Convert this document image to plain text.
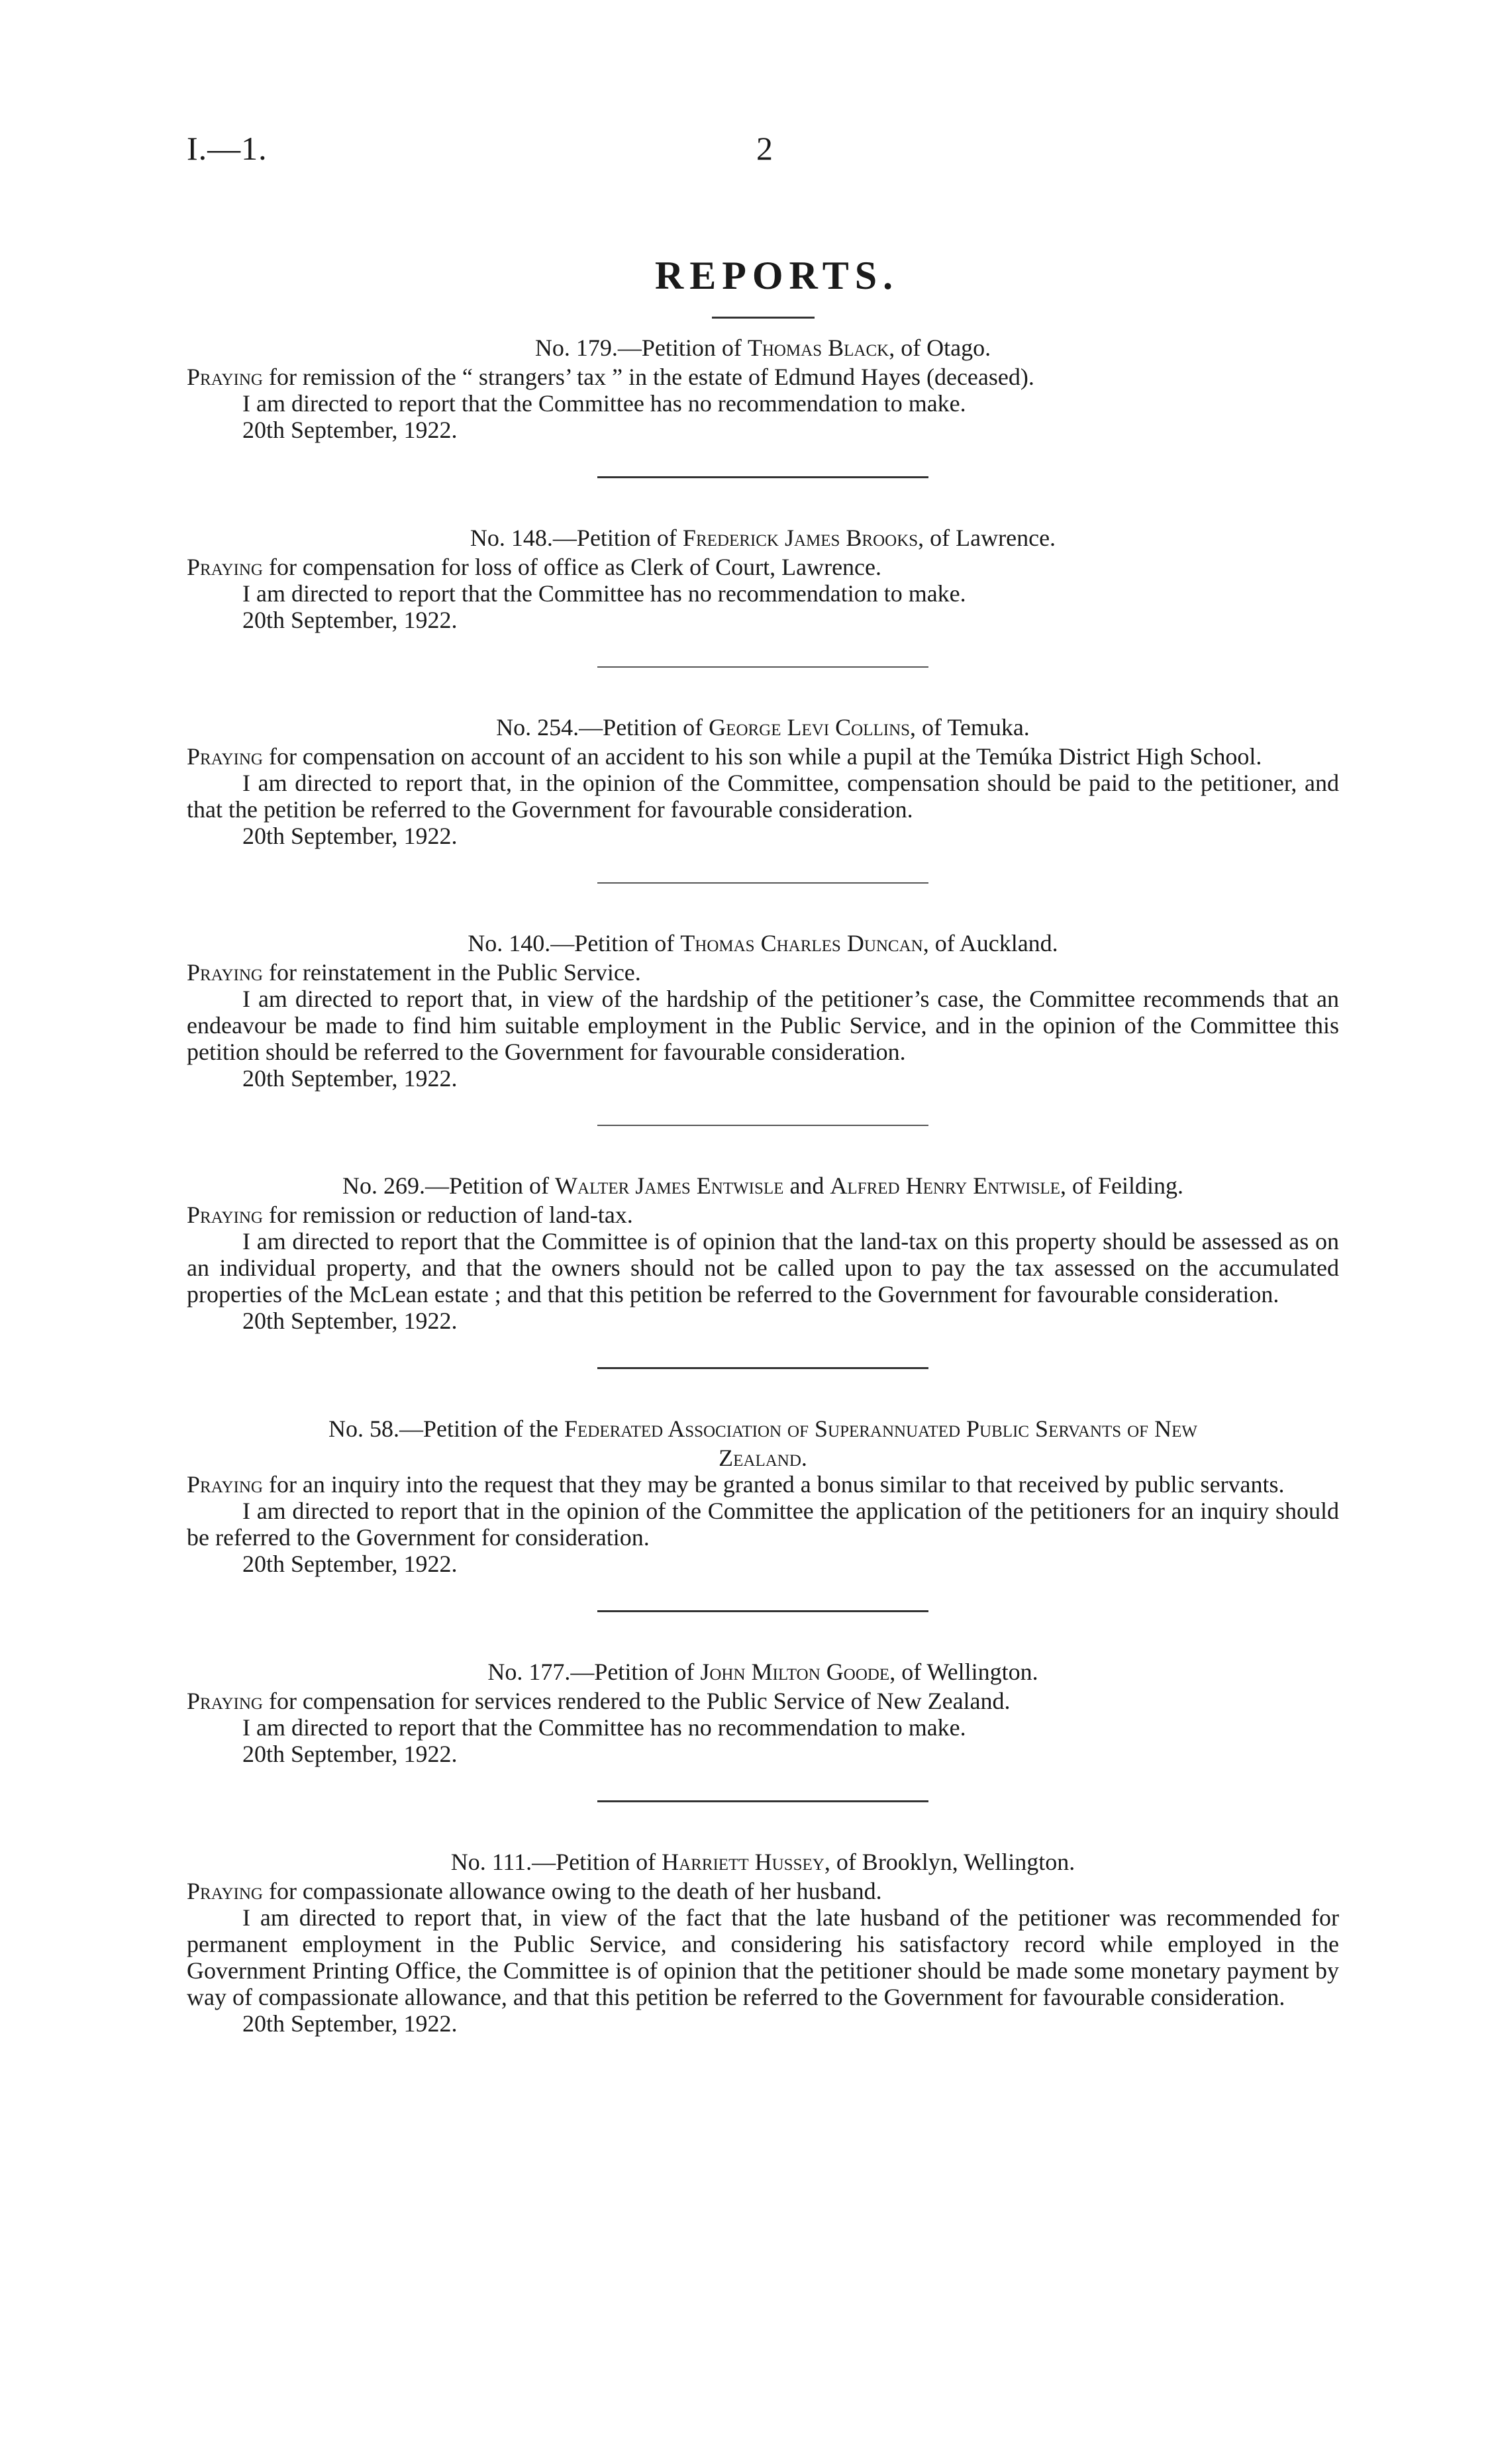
I.—1.	2
REPORTS.
No. 179.—Petition of Thomas Black, of Otago.
Praying for remission of the “ strangers’ tax ” in the estate of Edmund Hayes (deceased).
I am directed to report that the Committee has no recommendation to make.
20th September, 1922.
No. 148.—Petition of Frederick James Brooks, of Lawrence.
Praying for compensation for loss of office as Clerk of Court, Lawrence.
I am directed to report that the Committee has no recommendation to make.
20th September, 1922.
No. 254.—Petition of George Levi Collins, of Temuka.
Praying for compensation on account of an accident to his son while a pupil at the Temúka District High School.
I am directed to report that, in the opinion of the Committee, compensation should be paid to the petitioner, and that the petition be referred to the Government for favourable consideration.
20th September, 1922.
No. 140.—Petition of Thomas Charles Duncan, of Auckland.
Praying for reinstatement in the Public Service.
I am directed to report that, in view of the hardship of the petitioner’s case, the Committee recommends that an endeavour be made to find him suitable employment in the Public Service, and in the opinion of the Committee this petition should be referred to the Government for favourable consideration.
20th September, 1922.
No. 269.—Petition of Walter James Entwisle and Alfred Henry Entwisle, of Feilding.
Praying for remission or reduction of land-tax.
I am directed to report that the Committee is of opinion that the land-tax on this property should be assessed as on an individual property, and that the owners should not be called upon to pay the tax assessed on the accumulated properties of the McLean estate ; and that this petition be referred to the Government for favourable consideration.
20th September, 1922.
No. 58.—Petition of the Federated Association of Superannuated Public Servants of New
Zealand.
Praying for an inquiry into the request that they may be granted a bonus similar to that received by public servants.
I am directed to report that in the opinion of the Committee the application of the petitioners for an inquiry should be referred to the Government for consideration.
20th September, 1922.
No. 177.—Petition of John Milton Goode, of Wellington.
Praying for compensation for services rendered to the Public Service of New Zealand.
I am directed to report that the Committee has no recommendation to make.
20th September, 1922.
No. 111.—Petition of Harriett Hussey, of Brooklyn, Wellington.
Praying for compassionate allowance owing to the death of her husband.
I am directed to report that, in view of the fact that the late husband of the petitioner was recommended for permanent employment in the Public Service, and considering his satisfactory record while employed in the Government Printing Office, the Committee is of opinion that the petitioner should be made some monetary payment by way of compassionate allowance, and that this petition be referred to the Government for favourable consideration.
20th September, 1922.
